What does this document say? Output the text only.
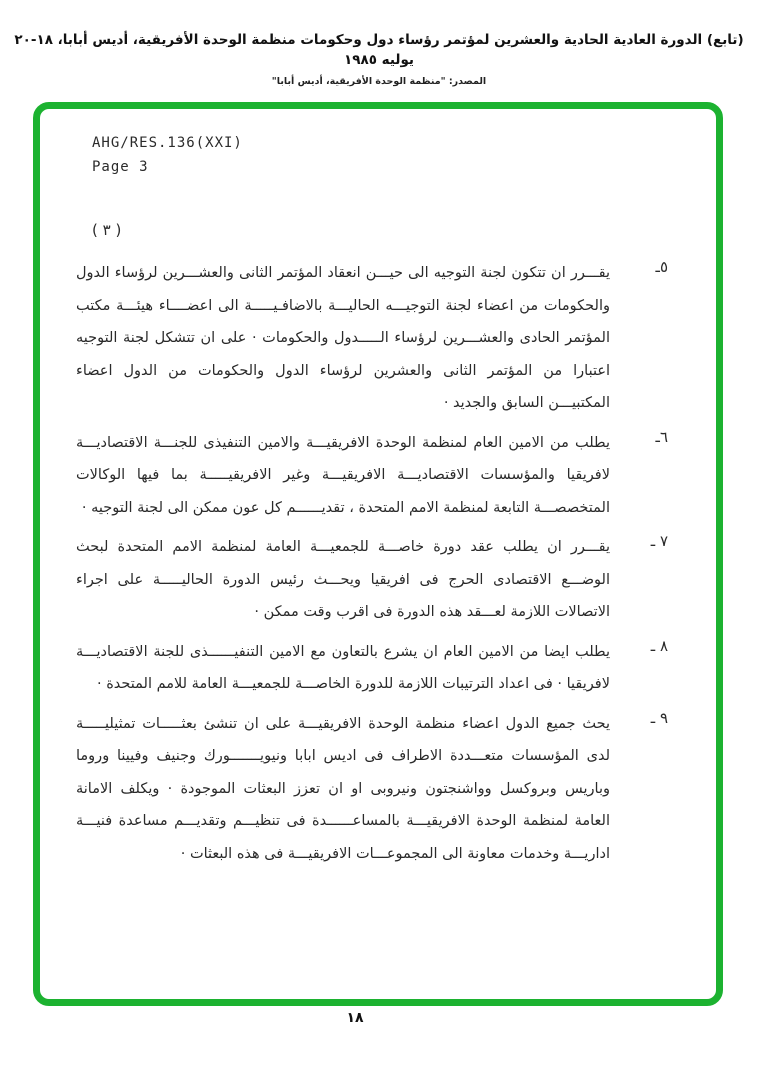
(تابع) الدورة العادية الحادية والعشرين لمؤتمر رؤساء دول وحكومات منظمة الوحدة الأفريقية، أديس أبابا، ١٨-٢٠ يوليه ١٩٨٥
المصدر: "منظمة الوحدة الأفريقية، أديس أبابا"
AHG/RES.136(XXI)
Page 3
( ٣ )
٥ـ
يقـــرر ان تتكون لجنة التوجيه الى حيـــن انعقاد المؤتمر الثانى والعشـــرين لرؤساء الدول والحكومات من اعضاء لجنة التوجيـــه الحاليـــة بالاضافـيـــــة الى اعضــــاء هيئـــة مكتب المؤتمر الحادى والعشـــرين لرؤساء الـــــدول والحكومات · على ان تتشكل لجنة التوجيه اعتبارا من المؤتمر الثانى والعشرين لرؤساء الدول والحكومات من الدول اعضاء المكتبيـــن السابق والجديد ·
٦ـ
يطلب من الامين العام لمنظمة الوحدة الافريقيـــة والامين التنفيذى للجنـــة الاقتصاديـــة لافريقيا والمؤسسات الاقتصاديـــة الافريقيـــة وغير الافريقيـــــة بما فيها الوكالات المتخصصـــة التابعة لمنظمة الامم المتحدة ، تقديــــــم كل عون ممكن الى لجنة التوجيه ·
٧ ـ
يقـــرر ان يطلب عقد دورة خاصـــة للجمعيـــة العامة لمنظمة الامم المتحدة لبحث الوضـــع الاقتصادى الحرج فى افريقيا ويحـــث رئيس الدورة الحاليـــــة على اجراء الاتصالات اللازمة لعـــقد هذه الدورة فى اقرب وقت ممكن ·
٨ ـ
يطلب ايضا من الامين العام ان يشرع بالتعاون مع الامين التنفيــــــذى للجنة الاقتصاديـــة لافريقيا · فى اعداد الترتيبات اللازمة للدورة الخاصـــة للجمعيـــة العامة للامم المتحدة ·
٩ ـ
يحث جميع الدول اعضاء منظمة الوحدة الافريقيـــة على ان تنشئ بعثـــــات تمثيليـــــة لدى المؤسسات متعـــددة الاطراف فى اديس ابابا ونيويـــــــورك وجنيف وفيينا وروما وباريس وبروكسل وواشنجتون ونيروبى او ان تعزز البعثات الموجودة · ويكلف الامانة العامة لمنظمة الوحدة الافريقيـــة بالمساعــــــدة فى تنظيـــم وتقديـــم مساعدة فنيـــة اداريـــة وخدمات معاونة الى المجموعـــات الافريقيـــة فى هذه البعثات ·
١٨
